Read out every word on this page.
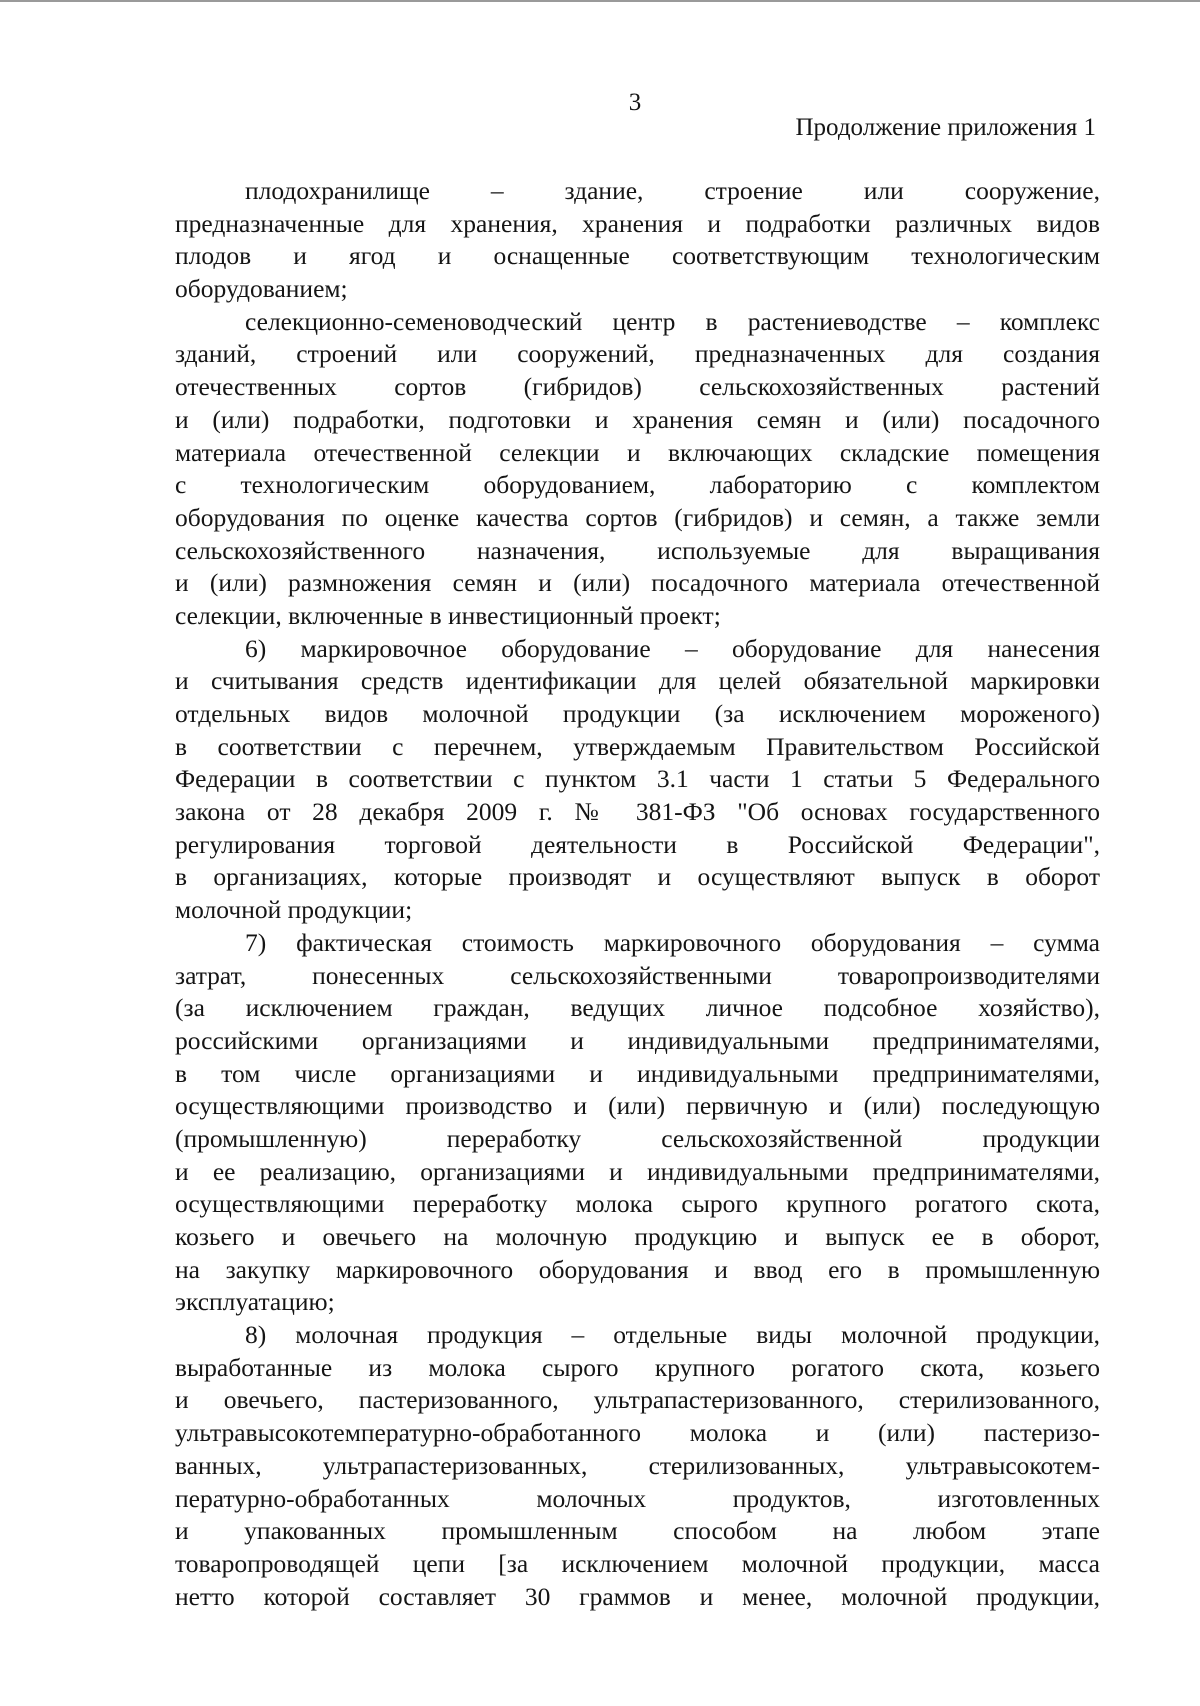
3
Продолжение приложения 1
плодохранилище – здание, строение или сооружение,
предназначенные для хранения, хранения и подработки различных видов
плодов и ягод и оснащенные соответствующим технологическим
оборудованием;
селекционно-семеноводческий центр в растениеводстве – комплекс
зданий, строений или сооружений, предназначенных для создания
отечественных сортов (гибридов) сельскохозяйственных растений
и (или) подработки, подготовки и хранения семян и (или) посадочного
материала отечественной селекции и включающих складские помещения
с технологическим оборудованием, лабораторию с комплектом
оборудования по оценке качества сортов (гибридов) и семян, а также земли
сельскохозяйственного назначения, используемые для выращивания
и (или) размножения семян и (или) посадочного материала отечественной
селекции, включенные в инвестиционный проект;
6) маркировочное оборудование – оборудование для нанесения
и считывания средств идентификации для целей обязательной маркировки
отдельных видов молочной продукции (за исключением мороженого)
в соответствии с перечнем, утверждаемым Правительством Российской
Федерации в соответствии с пунктом 3.1 части 1 статьи 5 Федерального
закона от 28 декабря 2009 г. № 381-ФЗ "Об основах государственного
регулирования торговой деятельности в Российской Федерации",
в организациях, которые производят и осуществляют выпуск в оборот
молочной продукции;
7) фактическая стоимость маркировочного оборудования – сумма
затрат, понесенных сельскохозяйственными товаропроизводителями
(за исключением граждан, ведущих личное подсобное хозяйство),
российскими организациями и индивидуальными предпринимателями,
в том числе организациями и индивидуальными предпринимателями,
осуществляющими производство и (или) первичную и (или) последующую
(промышленную) переработку сельскохозяйственной продукции
и ее реализацию, организациями и индивидуальными предпринимателями,
осуществляющими переработку молока сырого крупного рогатого скота,
козьего и овечьего на молочную продукцию и выпуск ее в оборот,
на закупку маркировочного оборудования и ввод его в промышленную
эксплуатацию;
8) молочная продукция – отдельные виды молочной продукции,
выработанные из молока сырого крупного рогатого скота, козьего
и овечьего, пастеризованного, ультрапастеризованного, стерилизованного,
ультравысокотемпературно-обработанного молока и (или) пастеризо-
ванных, ультрапастеризованных, стерилизованных, ультравысокотем-
пературно-обработанных молочных продуктов, изготовленных
и упакованных промышленным способом на любом этапе
товаропроводящей цепи [за исключением молочной продукции, масса
нетто которой составляет 30 граммов и менее, молочной продукции,
